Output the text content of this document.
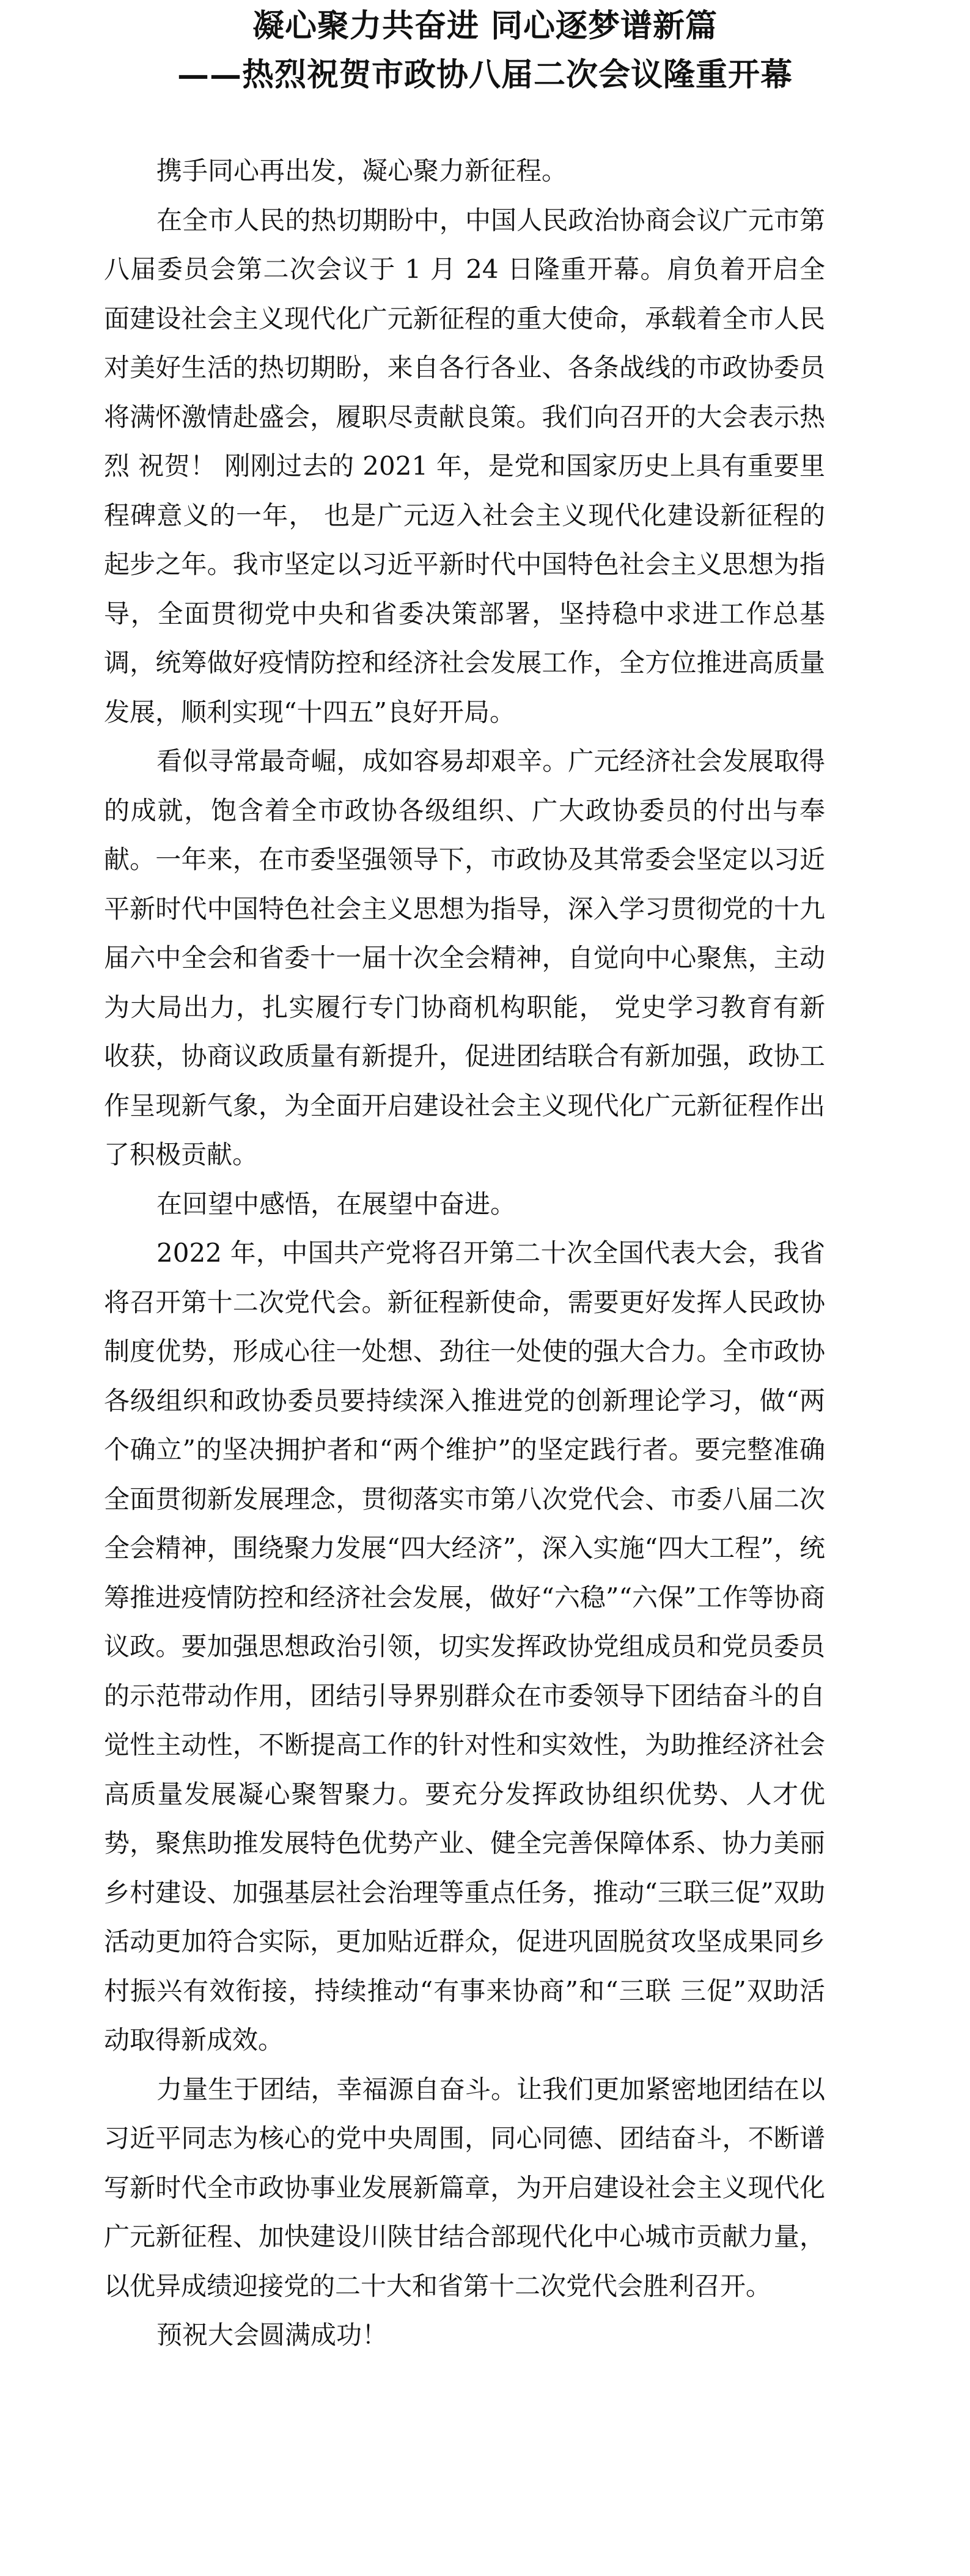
凝心聚力共奋进 同心逐梦谱新篇
——热烈祝贺市政协八届二次会议隆重开幕

携手同心再出发，凝心聚力新征程。

在全市人民的热切期盼中，中国人民政治协商会议广元市第八届委员会第二次会议于 1 月 24 日隆重开幕。肩负着开启全面建设社会主义现代化广元新征程的重大使命，承载着全市人民对美好生活的热切期盼，来自各行各业、各条战线的市政协委员将满怀激情赴盛会，履职尽责献良策。我们向召开的大会表示热烈 祝贺！ 刚刚过去的 2021 年，是党和国家历史上具有重要里程碑意义的一年， 也是广元迈入社会主义现代化建设新征程的起步之年。我市坚定以习近平新时代中国特色社会主义思想为指导，全面贯彻党中央和省委决策部署，坚持稳中求进工作总基调，统筹做好疫情防控和经济社会发展工作，全方位推进高质量发展，顺利实现“十四五”良好开局。

看似寻常最奇崛，成如容易却艰辛。广元经济社会发展取得的成就，饱含着全市政协各级组织、广大政协委员的付出与奉献。一年来，在市委坚强领导下，市政协及其常委会坚定以习近平新时代中国特色社会主义思想为指导，深入学习贯彻党的十九届六中全会和省委十一届十次全会精神，自觉向中心聚焦，主动为大局出力，扎实履行专门协商机构职能， 党史学习教育有新收获，协商议政质量有新提升，促进团结联合有新加强，政协工作呈现新气象，为全面开启建设社会主义现代化广元新征程作出了积极贡献。

在回望中感悟，在展望中奋进。

2022 年，中国共产党将召开第二十次全国代表大会，我省将召开第十二次党代会。新征程新使命，需要更好发挥人民政协制度优势，形成心往一处想、劲往一处使的强大合力。全市政协各级组织和政协委员要持续深入推进党的创新理论学习，做“两个确立”的坚决拥护者和“两个维护”的坚定践行者。要完整准确全面贯彻新发展理念，贯彻落实市第八次党代会、市委八届二次全会精神，围绕聚力发展“四大经济”，深入实施“四大工程”，统筹推进疫情防控和经济社会发展，做好“六稳”“六保”工作等协商议政。要加强思想政治引领，切实发挥政协党组成员和党员委员的示范带动作用，团结引导界别群众在市委领导下团结奋斗的自觉性主动性，不断提高工作的针对性和实效性，为助推经济社会高质量发展凝心聚智聚力。要充分发挥政协组织优势、人才优势，聚焦助推发展特色优势产业、健全完善保障体系、协力美丽乡村建设、加强基层社会治理等重点任务，推动“三联三促”双助活动更加符合实际，更加贴近群众，促进巩固脱贫攻坚成果同乡村振兴有效衔接，持续推动“有事来协商”和“三联 三促”双助活动取得新成效。

力量生于团结，幸福源自奋斗。让我们更加紧密地团结在以习近平同志为核心的党中央周围，同心同德、团结奋斗，不断谱写新时代全市政协事业发展新篇章，为开启建设社会主义现代化广元新征程、加快建设川陕甘结合部现代化中心城市贡献力量，以优异成绩迎接党的二十大和省第十二次党代会胜利召开。

预祝大会圆满成功！
